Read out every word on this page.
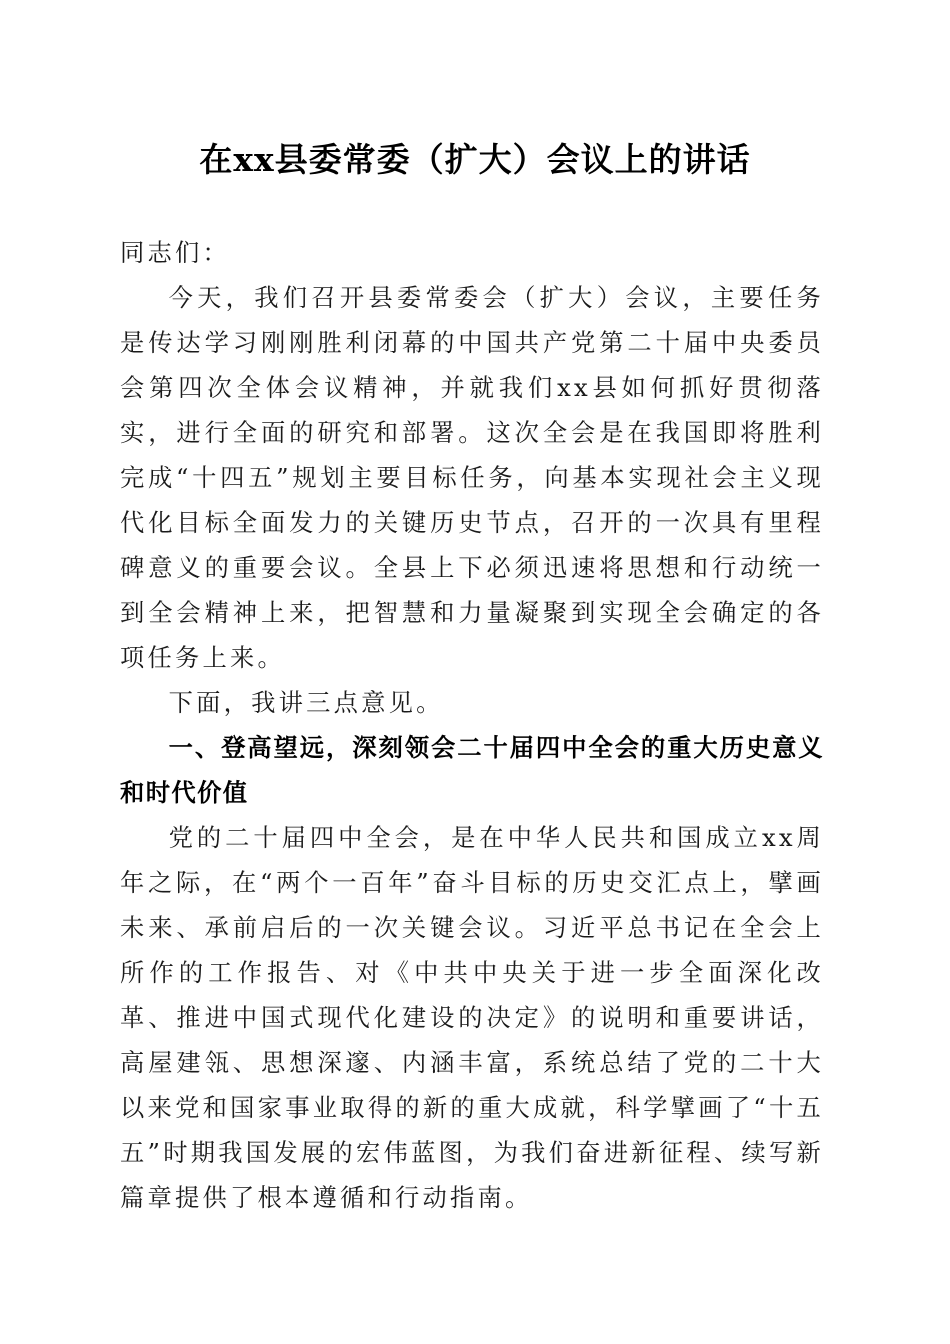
在xx县委常委（扩大）会议上的讲话

同志们：

今天，我们召开县委常委会（扩大）会议，主要任务是传达学习刚刚胜利闭幕的中国共产党第二十届中央委员会第四次全体会议精神，并就我们xx县如何抓好贯彻落实，进行全面的研究和部署。这次全会是在我国即将胜利完成“十四五”规划主要目标任务，向基本实现社会主义现代化目标全面发力的关键历史节点，召开的一次具有里程碑意义的重要会议。全县上下必须迅速将思想和行动统一到全会精神上来，把智慧和力量凝聚到实现全会确定的各项任务上来。

下面，我讲三点意见。

一、登高望远，深刻领会二十届四中全会的重大历史意义和时代价值

党的二十届四中全会，是在中华人民共和国成立xx周年之际，在“两个一百年”奋斗目标的历史交汇点上，擘画未来、承前启后的一次关键会议。习近平总书记在全会上所作的工作报告、对《中共中央关于进一步全面深化改革、推进中国式现代化建设的决定》的说明和重要讲话，高屋建瓴、思想深邃、内涵丰富，系统总结了党的二十大以来党和国家事业取得的新的重大成就，科学擘画了“十五五”时期我国发展的宏伟蓝图，为我们奋进新征程、续写新篇章提供了根本遵循和行动指南。
